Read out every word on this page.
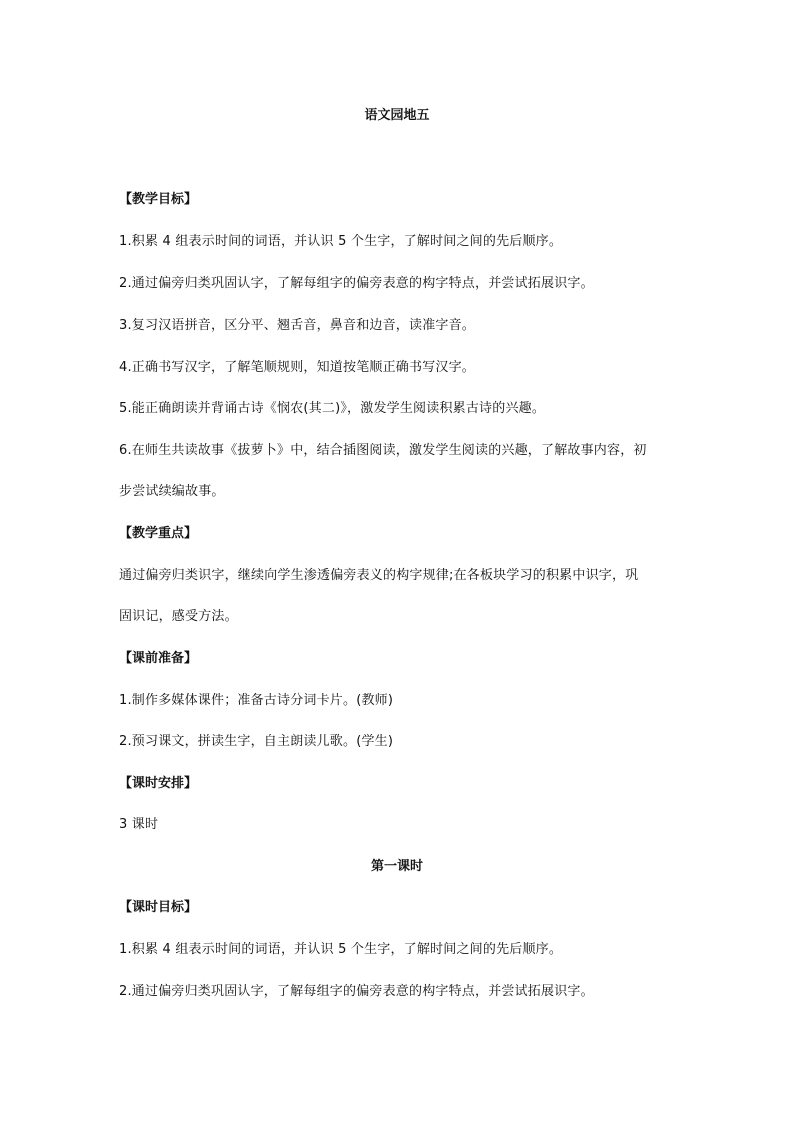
语文园地五
【教学目标】
1.积累 4 组表示时间的词语，并认识 5 个生字，了解时间之间的先后顺序。
2.通过偏旁归类巩固认字，了解每组字的偏旁表意的构字特点，并尝试拓展识字。
3.复习汉语拼音，区分平、翘舌音，鼻音和边音，读准字音。
4.正确书写汉字，了解笔顺规则，知道按笔顺正确书写汉字。
5.能正确朗读并背诵古诗《悯农(其二)》，激发学生阅读积累古诗的兴趣。
6.在师生共读故事《拔萝卜》中，结合插图阅读，激发学生阅读的兴趣，了解故事内容，初
步尝试续编故事。
【教学重点】
通过偏旁归类识字，继续向学生渗透偏旁表义的构字规律;在各板块学习的积累中识字，巩
固识记，感受方法。
【课前准备】
1.制作多媒体课件；准备古诗分词卡片。(教师)
2.预习课文，拼读生字，自主朗读儿歌。(学生)
【课时安排】
3 课时
第一课时
【课时目标】
1.积累 4 组表示时间的词语，并认识 5 个生字，了解时间之间的先后顺序。
2.通过偏旁归类巩固认字，了解每组字的偏旁表意的构字特点，并尝试拓展识字。
